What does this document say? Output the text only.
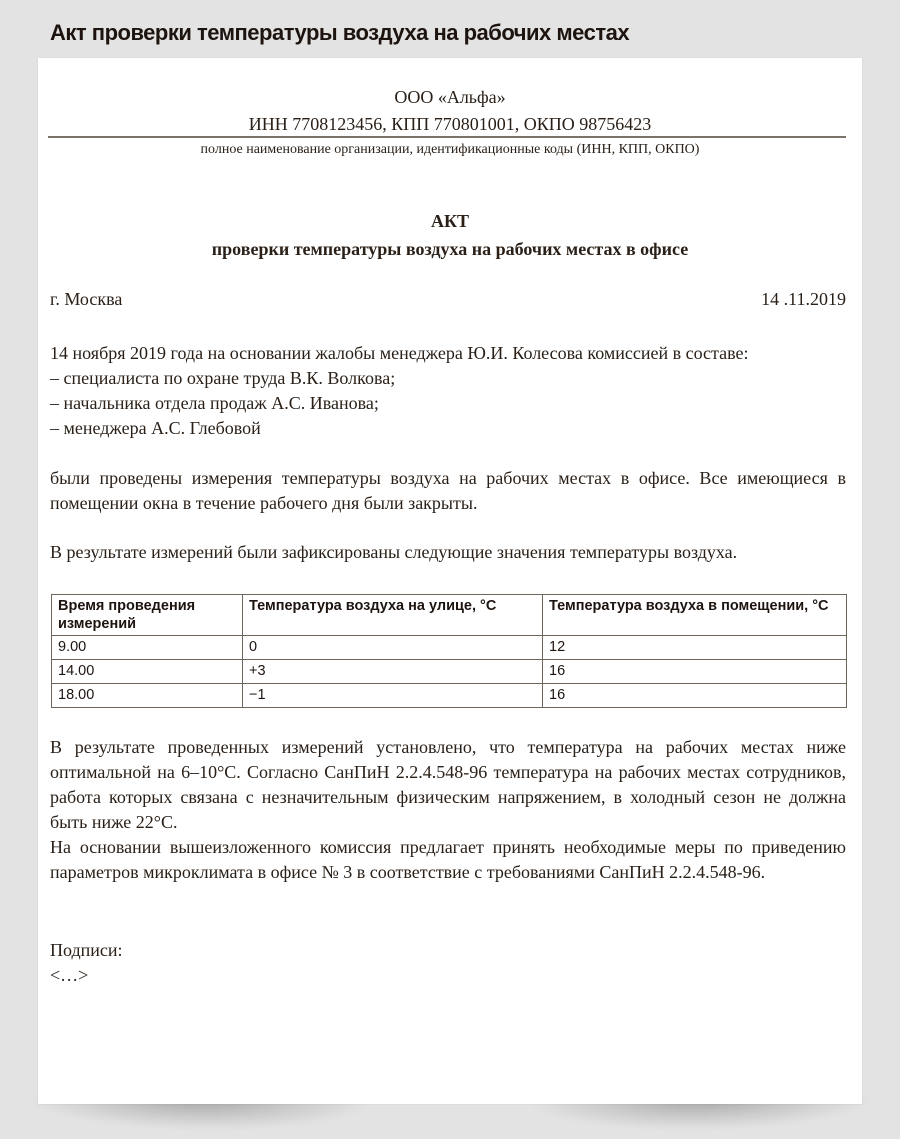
Акт проверки температуры воздуха на рабочих местах
ООО «Альфа»
ИНН 7708123456, КПП 770801001, ОКПО 98756423
полное наименование организации, идентификационные коды (ИНН, КПП, ОКПО)
АКТ
проверки температуры воздуха на рабочих местах в офисе
г. Москва	14 .11.2019

14 ноября 2019 года на основании жалобы менеджера Ю.И. Колесова комиссией в составе:

– специалиста по охране труда В.К. Волкова;

– начальника отдела продаж А.С. Иванова;

– менеджера А.С. Глебовой

были проведены измерения температуры воздуха на рабочих местах в офисе. Все имеющиеся в помещении окна в течение рабочего дня были закрыты.

В результате измерений были зафиксированы следующие значения температуры воздуха.

Время проведения измерений	Температура воздуха на улице, °C	Температура воздуха в помещении, °C
9.00	0	12
14.00	+3	16
18.00	−1	16

В результате проведенных измерений установлено, что температура на рабочих местах ниже оптимальной на 6–10°C. Согласно СанПиН 2.2.4.548-96 температура на рабочих местах сотрудников, работа которых связана с незначительным физическим напряжением, в холодный сезон не должна быть ниже 22°C.

На основании вышеизложенного комиссия предлагает принять необходимые меры по приведению параметров микроклимата в офисе № 3 в соответствие с требованиями СанПиН 2.2.4.548-96.

Подписи:

<…>
